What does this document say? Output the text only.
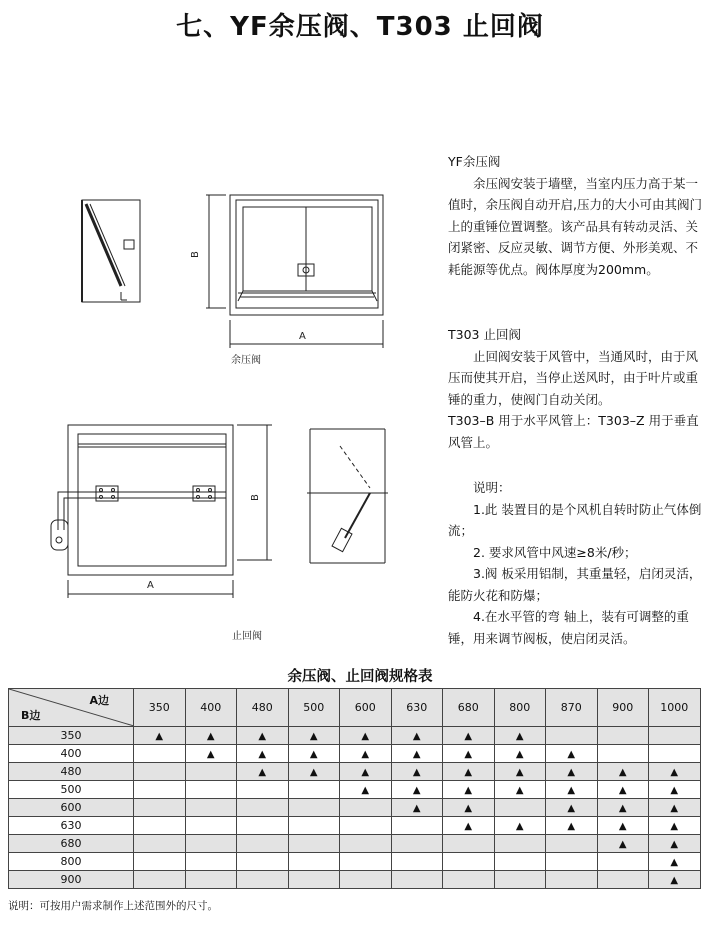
七、YF余压阀、T303 止回阀
A
B
余压阀
A
B
止回阀

YF余压阀

余压阀安装于墙壁，当室内压力高于某一值时，余压阀自动开启,压力的大小可由其阀门上的重锤位置调整。该产品具有转动灵活、关闭紧密、反应灵敏、调节方便、外形美观、不耗能源等优点。阀体厚度为200mm。

T303 止回阀

止回阀安装于风管中，当通风时，由于风压而使其开启，当停止送风时，由于叶片或重锤的重力，使阀门自动关闭。

T303–B 用于水平风管上：T303–Z 用于垂直风管上。

说明：

1.此 装置目的是个风机自转时防止气体倒流；

2. 要求风管中风速≥8米/秒；

3.阀 板采用铝制，其重量轻，启闭灵活，能防火花和防爆；

4.在水平管的弯 轴上，装有可调整的重锤，用来调节阀板，使启闭灵活。

余压阀、止回阀规格表
A边
B边	350	400	480	500	600	630	680	800	870	900	1000
350	▲	▲	▲	▲	▲	▲	▲	▲			
400		▲	▲	▲	▲	▲	▲	▲	▲		
480			▲	▲	▲	▲	▲	▲	▲	▲	▲
500					▲	▲	▲	▲	▲	▲	▲
600						▲	▲		▲	▲	▲
630							▲	▲	▲	▲	▲
680										▲	▲
800											▲
900											▲
说明：可按用户需求制作上述范围外的尺寸。
